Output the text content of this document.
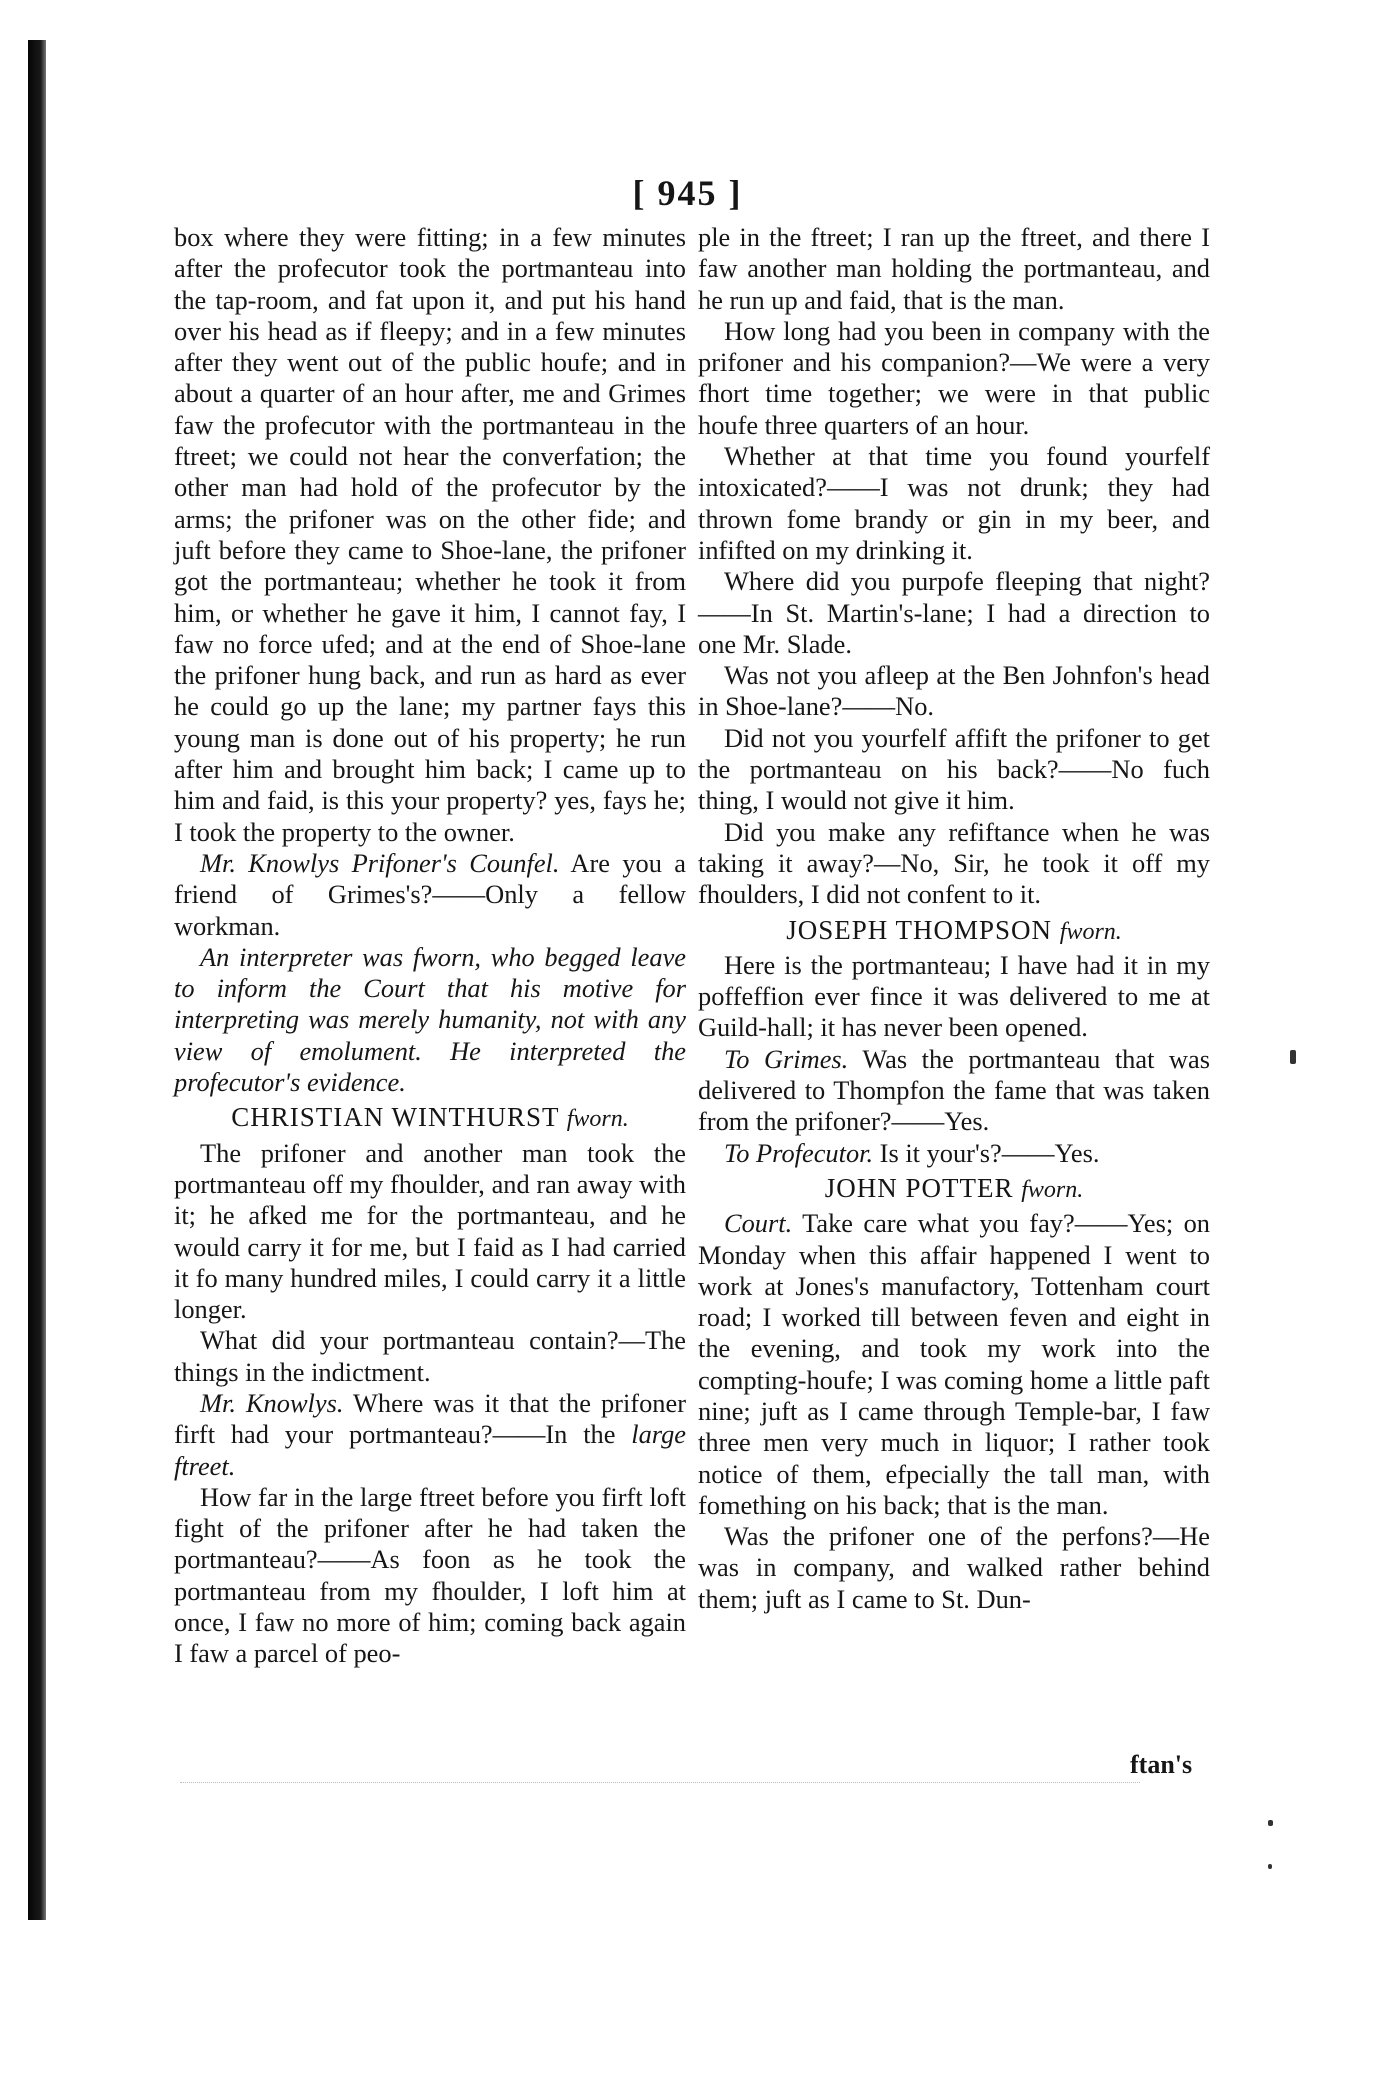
[ 945 ]

box where they were fitting; in a few minutes after the profecutor took the portmanteau into the tap-room, and fat upon it, and put his hand over his head as if fleepy; and in a few minutes after they went out of the public houfe; and in about a quarter of an hour after, me and Grimes faw the profecutor with the portmanteau in the ftreet; we could not hear the converfation; the other man had hold of the profecutor by the arms; the prifoner was on the other fide; and juft before they came to Shoe-lane, the prifoner got the portmanteau; whether he took it from him, or whether he gave it him, I cannot fay, I faw no force ufed; and at the end of Shoe-lane the prifoner hung back, and run as hard as ever he could go up the lane; my partner fays this young man is done out of his property; he run after him and brought him back; I came up to him and faid, is this your property? yes, fays he; I took the property to the owner.

Mr. Knowlys Prifoner's Counfel. Are you a friend of Grimes's?——Only a fellow workman.

An interpreter was fworn, who begged leave to inform the Court that his motive for interpreting was merely humanity, not with any view of emolument. He interpreted the profecutor's evidence.

CHRISTIAN WINTHURST fworn.

The prifoner and another man took the portmanteau off my fhoulder, and ran away with it; he afked me for the portmanteau, and he would carry it for me, but I faid as I had carried it fo many hundred miles, I could carry it a little longer.

What did your portmanteau contain?—The things in the indictment.

Mr. Knowlys. Where was it that the prifoner firft had your portmanteau?——In the large ftreet.

How far in the large ftreet before you firft loft fight of the prifoner after he had taken the portmanteau?——As foon as he took the portmanteau from my fhoulder, I loft him at once, I faw no more of him; coming back again I faw a parcel of peo-

ple in the ftreet; I ran up the ftreet, and there I faw another man holding the portmanteau, and he run up and faid, that is the man.

How long had you been in company with the prifoner and his companion?—We were a very fhort time together; we were in that public houfe three quarters of an hour.

Whether at that time you found yourfelf intoxicated?——I was not drunk; they had thrown fome brandy or gin in my beer, and infifted on my drinking it.

Where did you purpofe fleeping that night?——In St. Martin's-lane; I had a direction to one Mr. Slade.

Was not you afleep at the Ben Johnfon's head in Shoe-lane?——No.

Did not you yourfelf affift the prifoner to get the portmanteau on his back?——No fuch thing, I would not give it him.

Did you make any refiftance when he was taking it away?—No, Sir, he took it off my fhoulders, I did not confent to it.

JOSEPH THOMPSON fworn.

Here is the portmanteau; I have had it in my poffeffion ever fince it was delivered to me at Guild-hall; it has never been opened.

To Grimes. Was the portmanteau that was delivered to Thompfon the fame that was taken from the prifoner?——Yes.

To Profecutor. Is it your's?——Yes.

JOHN POTTER fworn.

Court. Take care what you fay?——Yes; on Monday when this affair happened I went to work at Jones's manufactory, Tottenham court road; I worked till between feven and eight in the evening, and took my work into the compting-houfe; I was coming home a little paft nine; juft as I came through Temple-bar, I faw three men very much in liquor; I rather took notice of them, efpecially the tall man, with fomething on his back; that is the man.

Was the prifoner one of the perfons?—He was in company, and walked rather behind them; juft as I came to St. Dun-

ftan's
